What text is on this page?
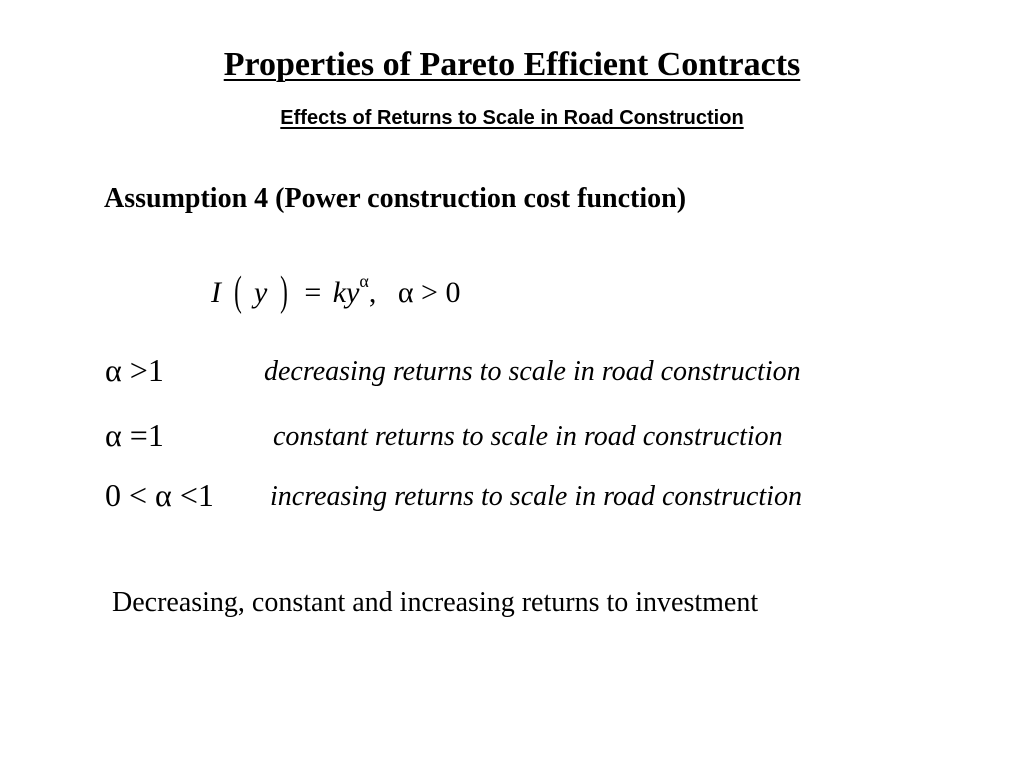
Properties of Pareto Efficient Contracts
Effects of Returns to Scale in Road Construction
Assumption 4 (Power construction cost function)
I ( y ) = $ky^\alpha$, α > 0
α >1	decreasing returns to scale in road construction
α =1	constant returns to scale in road construction
0 < α <1 increasing returns to scale in road construction
Decreasing, constant and increasing returns to investment
